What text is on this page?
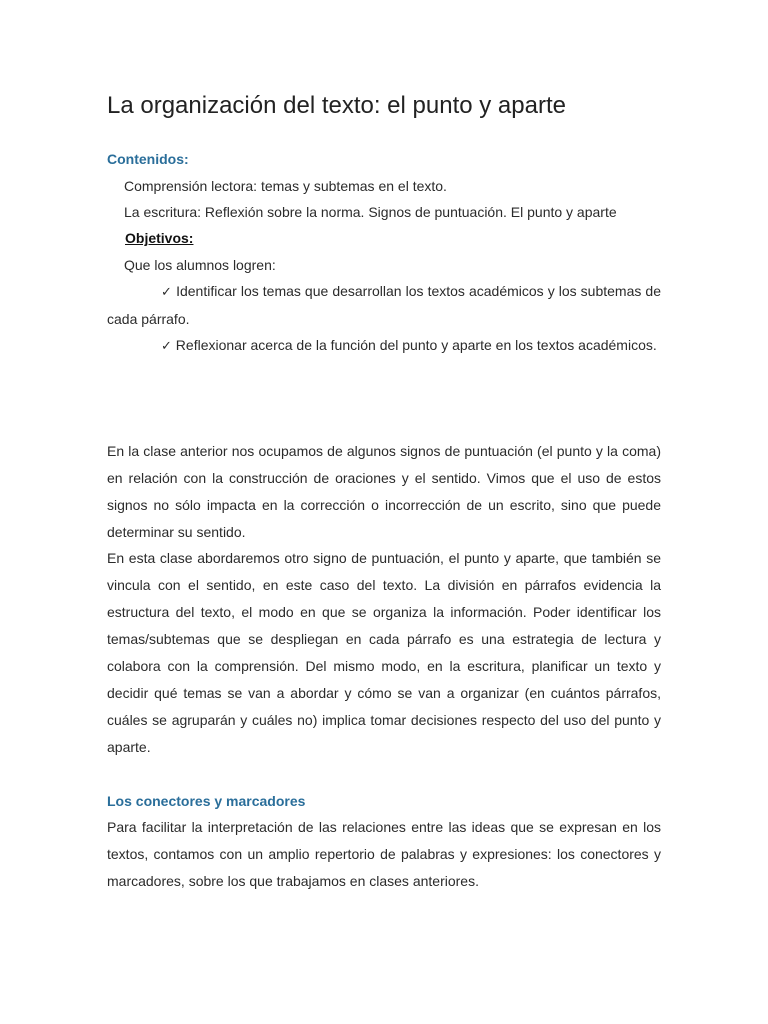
La organización del texto: el punto y aparte

Contenidos:

Comprensión lectora: temas y subtemas en el texto.

La escritura: Reflexión sobre la norma. Signos de puntuación. El punto y aparte

Objetivos:

Que los alumnos logren:

✓ Identificar los temas que desarrollan los textos académicos y los subtemas de cada párrafo.

✓ Reflexionar acerca de la función del punto y aparte en los textos académicos.

En la clase anterior nos ocupamos de algunos signos de puntuación (el punto y la coma) en relación con la construcción de oraciones y el sentido. Vimos que el uso de estos signos no sólo impacta en la corrección o incorrección de un escrito, sino que puede determinar su sentido.

En esta clase abordaremos otro signo de puntuación, el punto y aparte, que también se vincula con el sentido, en este caso del texto. La división en párrafos evidencia la estructura del texto, el modo en que se organiza la información. Poder identificar los temas/subtemas que se despliegan en cada párrafo es una estrategia de lectura y colabora con la comprensión. Del mismo modo, en la escritura, planificar un texto y decidir qué temas se van a abordar y cómo se van a organizar (en cuántos párrafos, cuáles se agruparán y cuáles no) implica tomar decisiones respecto del uso del punto y aparte.

Los conectores y marcadores

Para facilitar la interpretación de las relaciones entre las ideas que se expresan en los textos, contamos con un amplio repertorio de palabras y expresiones: los conectores y marcadores, sobre los que trabajamos en clases anteriores.
